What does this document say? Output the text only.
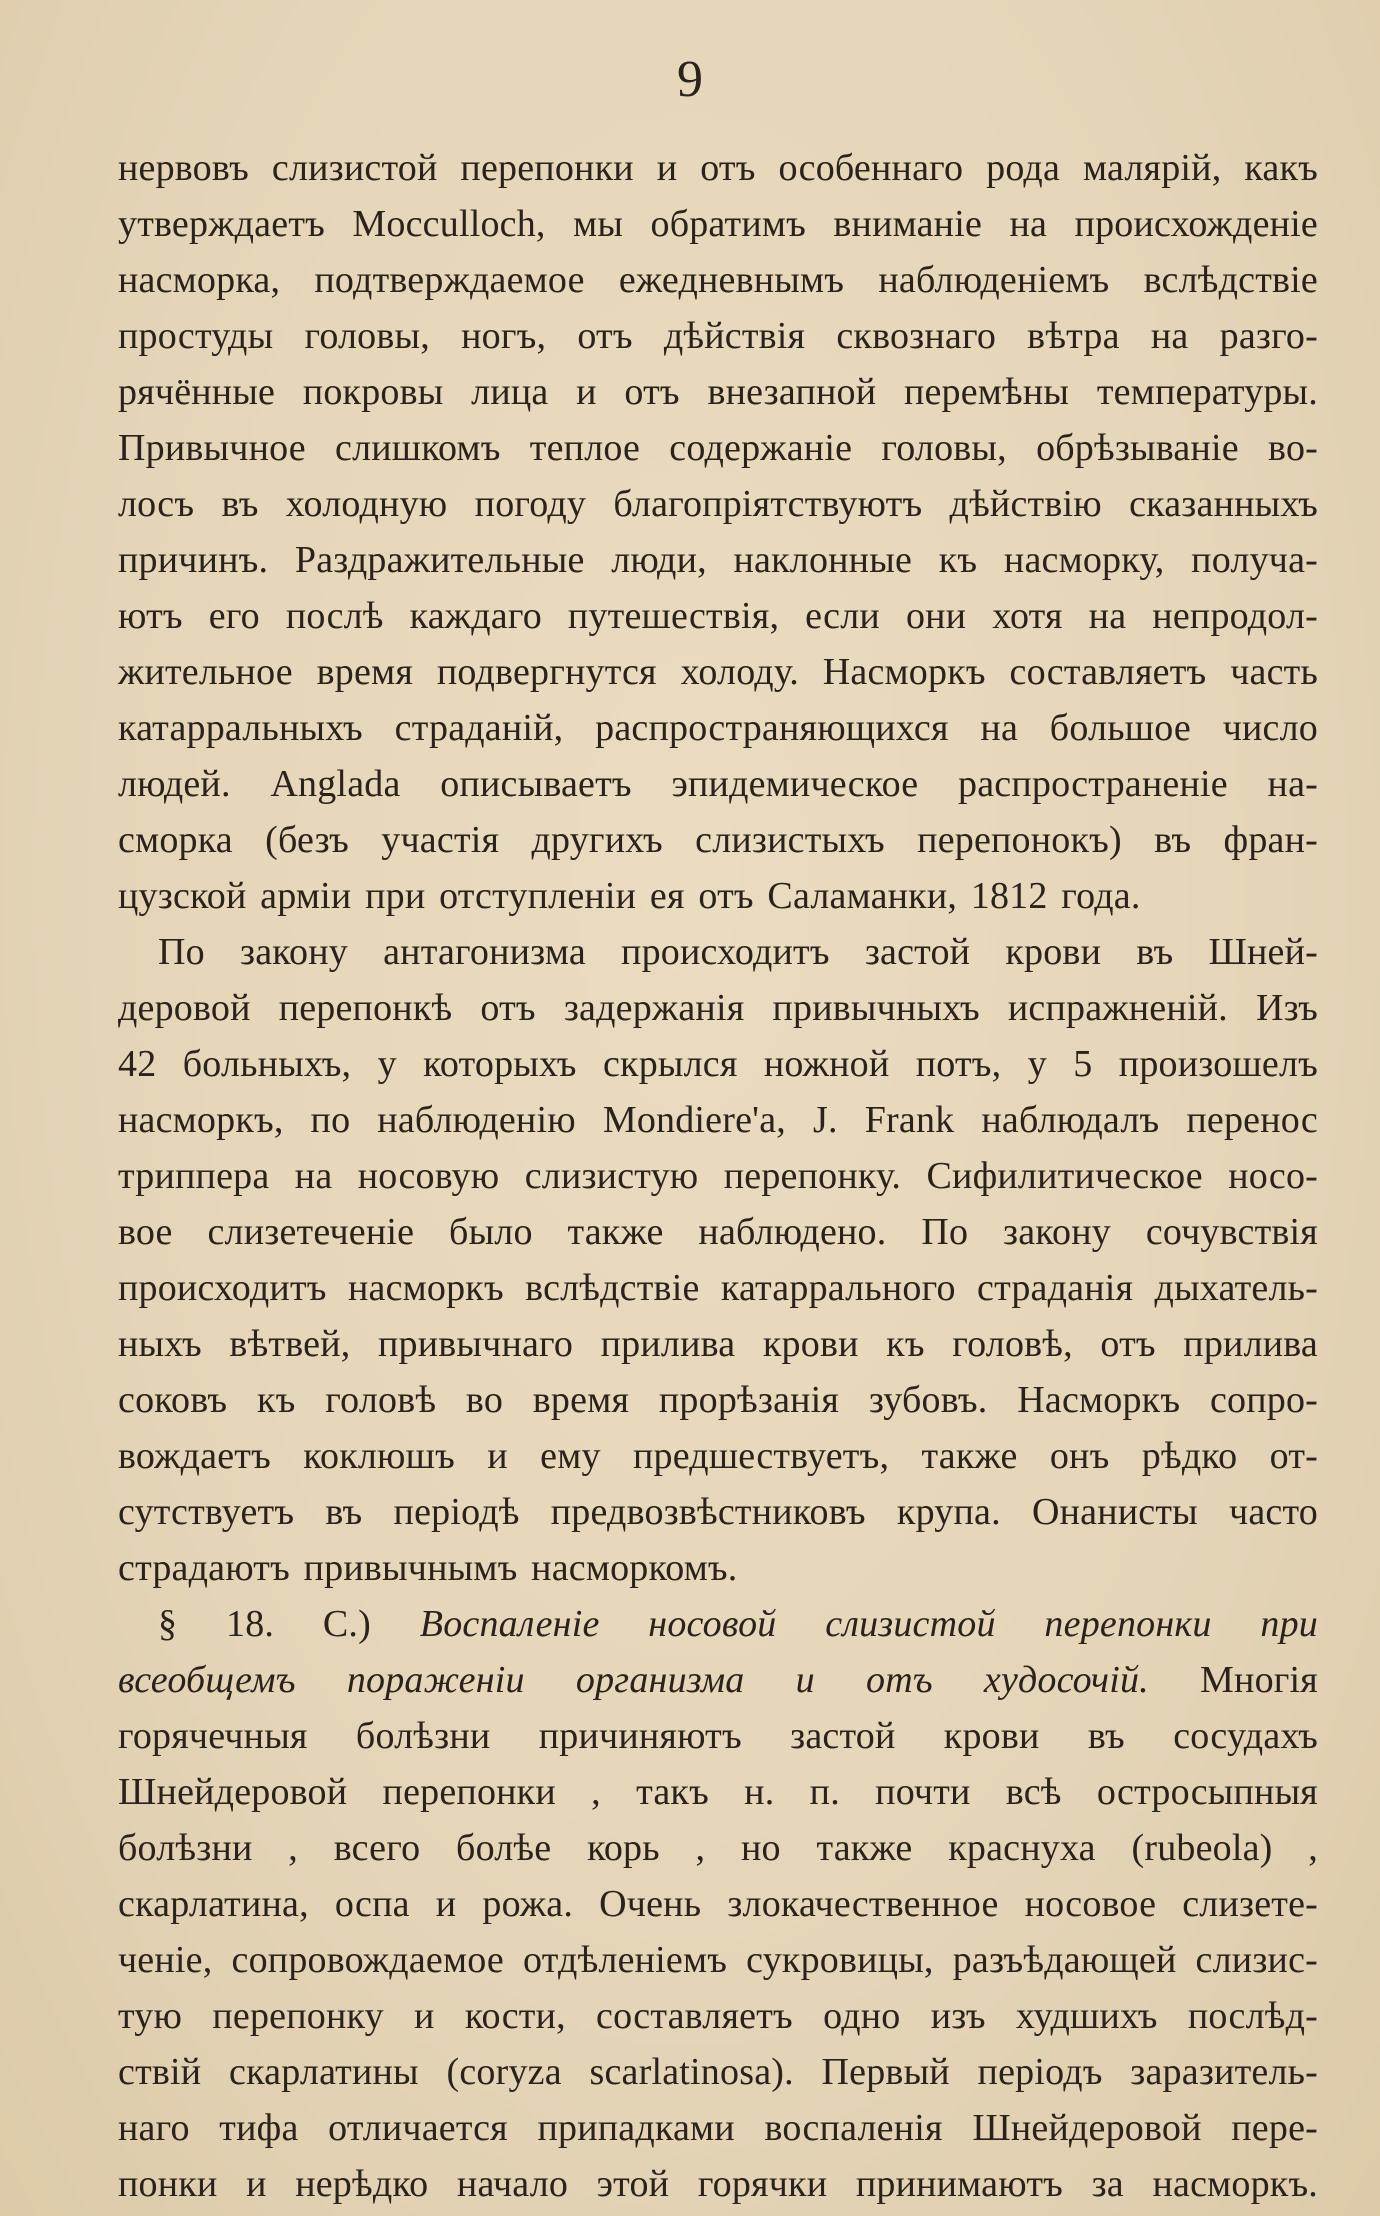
9
нервовъ слизистой перепонки и отъ особеннаго рода малярій, какъ
утверждаетъ Mocculloch, мы обратимъ вниманіе на происхожденіе
насморка, подтверждаемое ежедневнымъ наблюденіемъ вслѣдствіе
простуды головы, ногъ, отъ дѣйствія сквознаго вѣтра на разго-
рячённые покровы лица и отъ внезапной перемѣны температуры.
Привычное слишкомъ теплое содержаніе головы, обрѣзываніе во-
лосъ въ холодную погоду благопріятствуютъ дѣйствію сказанныхъ
причинъ. Раздражительные люди, наклонные къ насморку, получа-
ютъ его послѣ каждаго путешествія, если они хотя на непродол-
жительное время подвергнутся холоду. Насморкъ составляетъ часть
катарральныхъ страданій, распространяющихся на большое число
людей. Anglada описываетъ эпидемическое распространеніе на-
сморка (безъ участія другихъ слизистыхъ перепонокъ) въ фран-
цузской арміи при отступленіи ея отъ Саламанки, 1812 года.
По закону антагонизма происходитъ застой крови въ Шней-
деровой перепонкѣ отъ задержанія привычныхъ испражненій. Изъ
42 больныхъ, у которыхъ скрылся ножной потъ, у 5 произошелъ
насморкъ, по наблюденію Mondiere'a, J. Frank наблюдалъ перенос
триппера на носовую слизистую перепонку. Сифилитическое носо-
вое слизетеченіе было также наблюдено. По закону сочувствія
происходитъ насморкъ вслѣдствіе катаррального страданія дыхатель-
ныхъ вѣтвей, привычнаго прилива крови къ головѣ, отъ прилива
соковъ къ головѣ во время прорѣзанія зубовъ. Насморкъ сопро-
вождаетъ коклюшъ и ему предшествуетъ, также онъ рѣдко от-
сутствуетъ въ періодѣ предвозвѣстниковъ крупа. Онанисты часто
страдаютъ привычнымъ насморкомъ.
§ 18. C.) Воспаленіе носовой слизистой перепонки при
всеобщемъ пораженіи организма и отъ худосочій. Многія
горячечныя болѣзни причиняютъ застой крови въ сосудахъ
Шнейдеровой перепонки , такъ н. п. почти всѣ остросыпныя
болѣзни , всего болѣе корь , но также краснуха (rubeola) ,
скарлатина, оспа и рожа. Очень злокачественное носовое слизете-
ченіе, сопровождаемое отдѣленіемъ сукровицы, разъѣдающей слизис-
тую перепонку и кости, составляетъ одно изъ худшихъ послѣд-
ствій скарлатины (coryza scarlatinosa). Первый періодъ заразитель-
наго тифа отличается припадками воспаленія Шнейдеровой пере-
понки и нерѣдко начало этой горячки принимаютъ за насморкъ.
